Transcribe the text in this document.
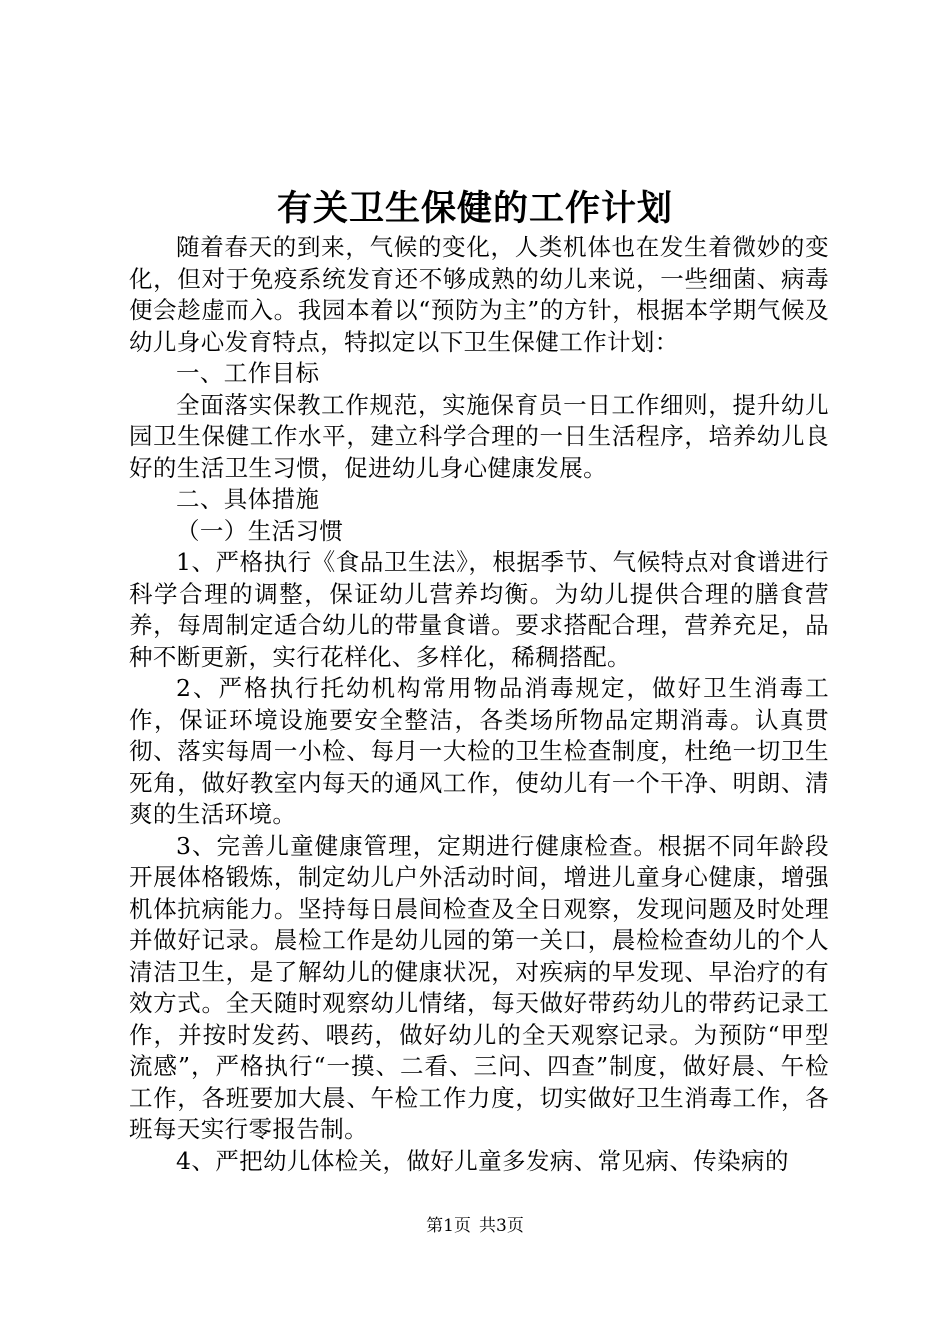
有关卫生保健的工作计划

随着春天的到来，气候的变化，人类机体也在发生着微妙的变化，但对于免疫系统发育还不够成熟的幼儿来说，一些细菌、病毒便会趁虚而入。我园本着以“预防为主”的方针，根据本学期气候及幼儿身心发育特点，特拟定以下卫生保健工作计划：

一、工作目标

全面落实保教工作规范，实施保育员一日工作细则，提升幼儿园卫生保健工作水平，建立科学合理的一日生活程序，培养幼儿良好的生活卫生习惯，促进幼儿身心健康发展。

二、具体措施

（一）生活习惯

1、严格执行《食品卫生法》，根据季节、气候特点对食谱进行科学合理的调整，保证幼儿营养均衡。为幼儿提供合理的膳食营养，每周制定适合幼儿的带量食谱。要求搭配合理，营养充足，品种不断更新，实行花样化、多样化，稀稠搭配。

2、严格执行托幼机构常用物品消毒规定，做好卫生消毒工作，保证环境设施要安全整洁，各类场所物品定期消毒。认真贯彻、落实每周一小检、每月一大检的卫生检查制度，杜绝一切卫生死角，做好教室内每天的通风工作，使幼儿有一个干净、明朗、清爽的生活环境。

3、完善儿童健康管理，定期进行健康检查。根据不同年龄段开展体格锻炼，制定幼儿户外活动时间，增进儿童身心健康，增强机体抗病能力。坚持每日晨间检查及全日观察，发现问题及时处理并做好记录。晨检工作是幼儿园的第一关口，晨检检查幼儿的个人清洁卫生，是了解幼儿的健康状况，对疾病的早发现、早治疗的有效方式。全天随时观察幼儿情绪，每天做好带药幼儿的带药记录工作，并按时发药、喂药，做好幼儿的全天观察记录。为预防“甲型流感”，严格执行“一摸、二看、三问、四查”制度，做好晨、午检工作，各班要加大晨、午检工作力度，切实做好卫生消毒工作，各班每天实行零报告制。

4、严把幼儿体检关，做好儿童多发病、常见病、传染病的

第1页 共3页
